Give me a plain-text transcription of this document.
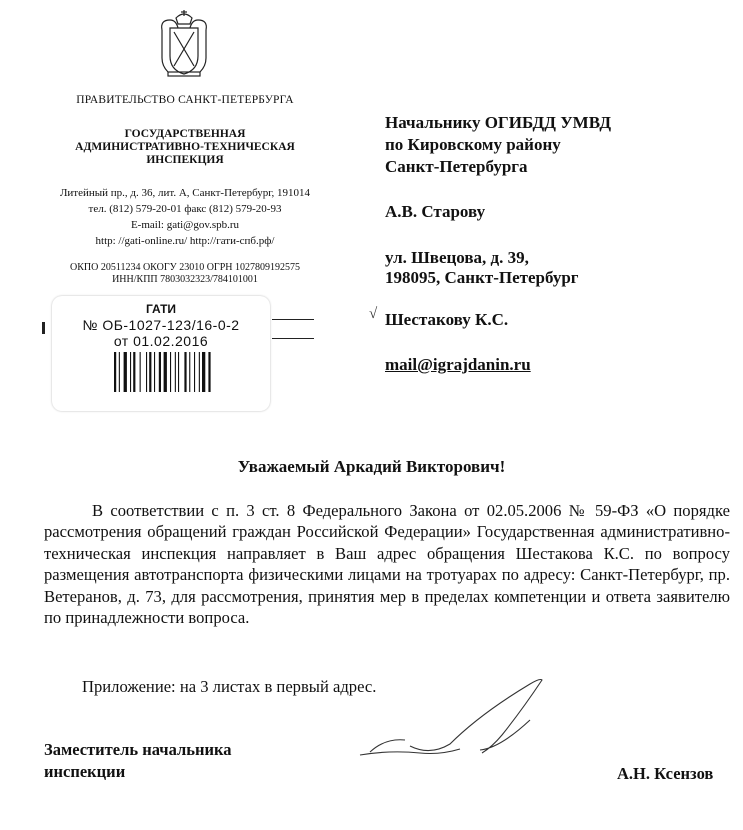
ПРАВИТЕЛЬСТВО САНКТ-ПЕТЕРБУРГА
ГОСУДАРСТВЕННАЯ
АДМИНИСТРАТИВНО-ТЕХНИЧЕСКАЯ
ИНСПЕКЦИЯ
Литейный пр., д. 36, лит. А, Санкт-Петербург, 191014
тел. (812) 579-20-01 факс (812) 579-20-93
E-mail: gati@gov.spb.ru
http: //gati-online.ru/ http://гати-спб.рф/
ОКПО 20511234 ОКОГУ 23010 ОГРН 1027809192575
ИНН/КПП 7803032323/784101001
ГАТИ
№ ОБ-1027-123/16-0-2
от 01.02.2016
Начальнику ОГИБДД УМВД
по Кировскому району
Санкт-Петербурга
А.В. Старову
ул. Швецова, д. 39,
198095, Санкт-Петербург
√ Шестакову К.С.
mail@igrajdanin.ru
Уважаемый Аркадий Викторович!
В соответствии с п. 3 ст. 8 Федерального Закона от 02.05.2006 № 59-ФЗ «О порядке рассмотрения обращений граждан Российской Федерации» Государственная административно-техническая инспекция направляет в Ваш адрес обращения Шестакова К.С. по вопросу размещения автотранспорта физическими лицами на тротуарах по адресу: Санкт-Петербург, пр. Ветеранов, д. 73, для рассмотрения, принятия мер в пределах компетенции и ответа заявителю по принадлежности вопроса.
Приложение: на 3 листах в первый адрес.
Заместитель начальника
инспекции	А.Н. Ксензов
